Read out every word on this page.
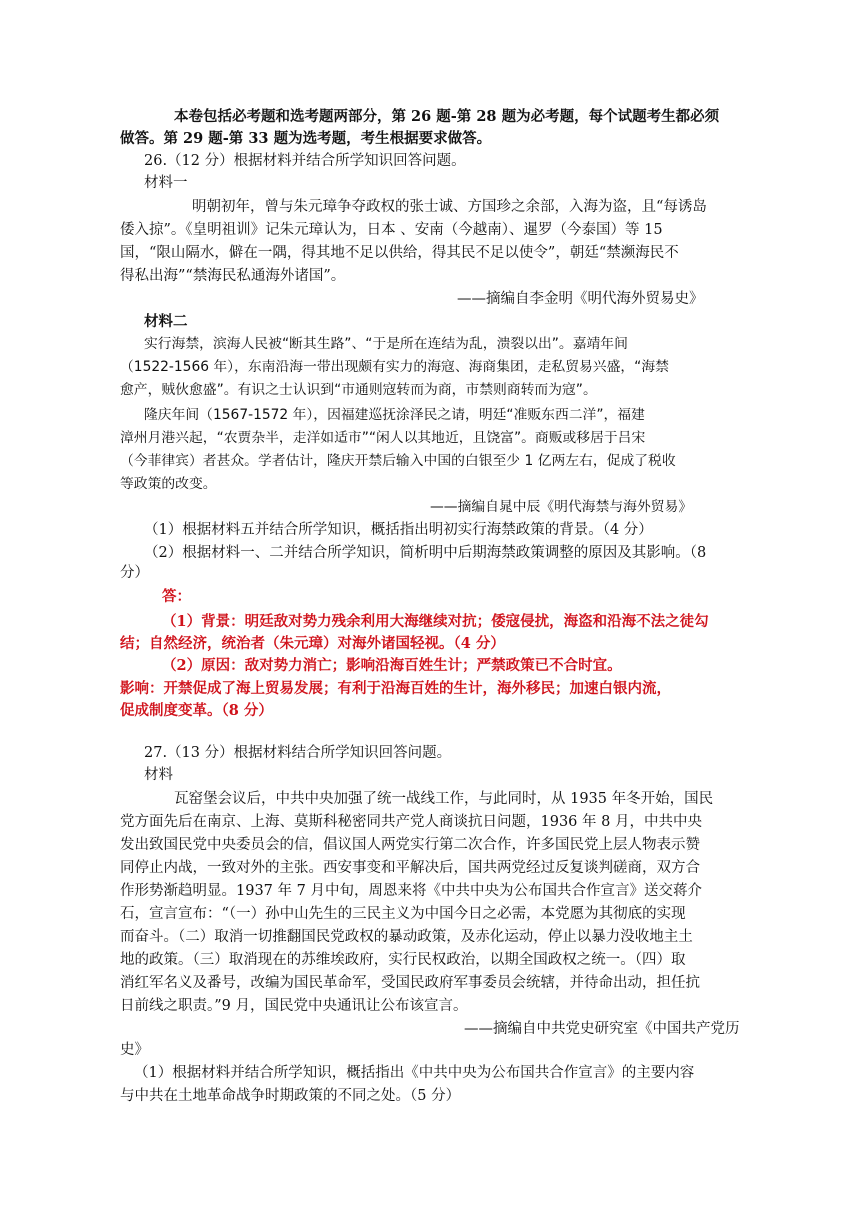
本卷包括必考题和选考题两部分，第 26 题-第 28 题为必考题，每个试题考生都必须
做答。第 29 题-第 33 题为选考题，考生根据要求做答。
26.（12 分）根据材料并结合所学知识回答问题。
材料一
明朝初年，曾与朱元璋争夺政权的张士诚、方国珍之余部，入海为盗，且“每诱岛
倭入掠”。《皇明祖训》记朱元璋认为，日本 、安南（今越南）、暹罗（今泰国）等 15
国，“限山隔水，僻在一隅，得其地不足以供给，得其民不足以使令”，朝廷“禁濒海民不
得私出海”“禁海民私通海外诸国”。
——摘编自李金明《明代海外贸易史》
材料二
实行海禁，滨海人民被“断其生路”、“于是所在连结为乱，溃裂以出”。嘉靖年间
（1522-1566 年），东南沿海一带出现颇有实力的海寇、海商集团，走私贸易兴盛，“海禁
愈产，贼伙愈盛”。有识之士认识到“市通则寇转而为商，市禁则商转而为寇”。
隆庆年间（1567-1572 年），因福建巡抚涂泽民之请，明廷“准贩东西二洋”，福建
漳州月港兴起，“农贾杂半，走洋如适市”“闲人以其地近，且饶富”。商贩或移居于吕宋
（今菲律宾）者甚众。学者估计，隆庆开禁后输入中国的白银至少 1 亿两左右，促成了税收
等政策的改变。
——摘编自晁中辰《明代海禁与海外贸易》
（1）根据材料五并结合所学知识，概括指出明初实行海禁政策的背景。（4 分）
（2）根据材料一、二并结合所学知识，简析明中后期海禁政策调整的原因及其影响。（8
分）
答：
（1）背景：明廷敌对势力残余利用大海继续对抗；倭寇侵扰，海盗和沿海不法之徒勾
结；自然经济，统治者（朱元璋）对海外诸国轻视。（4 分）
（2）原因：敌对势力消亡；影响沿海百姓生计；严禁政策已不合时宜。
影响：开禁促成了海上贸易发展；有利于沿海百姓的生计，海外移民；加速白银内流，
促成制度变革。（8 分）
27.（13 分）根据材料结合所学知识回答问题。
材料
瓦窑堡会议后，中共中央加强了统一战线工作，与此同时，从 1935 年冬开始，国民
党方面先后在南京、上海、莫斯科秘密同共产党人商谈抗日问题，1936 年 8 月，中共中央
发出致国民党中央委员会的信，倡议国人两党实行第二次合作，许多国民党上层人物表示赞
同停止内战，一致对外的主张。西安事变和平解决后，国共两党经过反复谈判磋商，双方合
作形势渐趋明显。1937 年 7 月中旬，周恩来将《中共中央为公布国共合作宣言》送交蒋介
石，宣言宣布：“（一）孙中山先生的三民主义为中国今日之必需，本党愿为其彻底的实现
而奋斗。（二）取消一切推翻国民党政权的暴动政策，及赤化运动，停止以暴力没收地主土
地的政策。（三）取消现在的苏维埃政府，实行民权政治，以期全国政权之统一。（四）取
消红军名义及番号，改编为国民革命军，受国民政府军事委员会统辖，并待命出动，担任抗
日前线之职责。”9 月，国民党中央通讯让公布该宣言。
——摘编自中共党史研究室《中国共产党历
史》
（1）根据材料并结合所学知识，概括指出《中共中央为公布国共合作宣言》的主要内容
与中共在土地革命战争时期政策的不同之处。（5 分）
